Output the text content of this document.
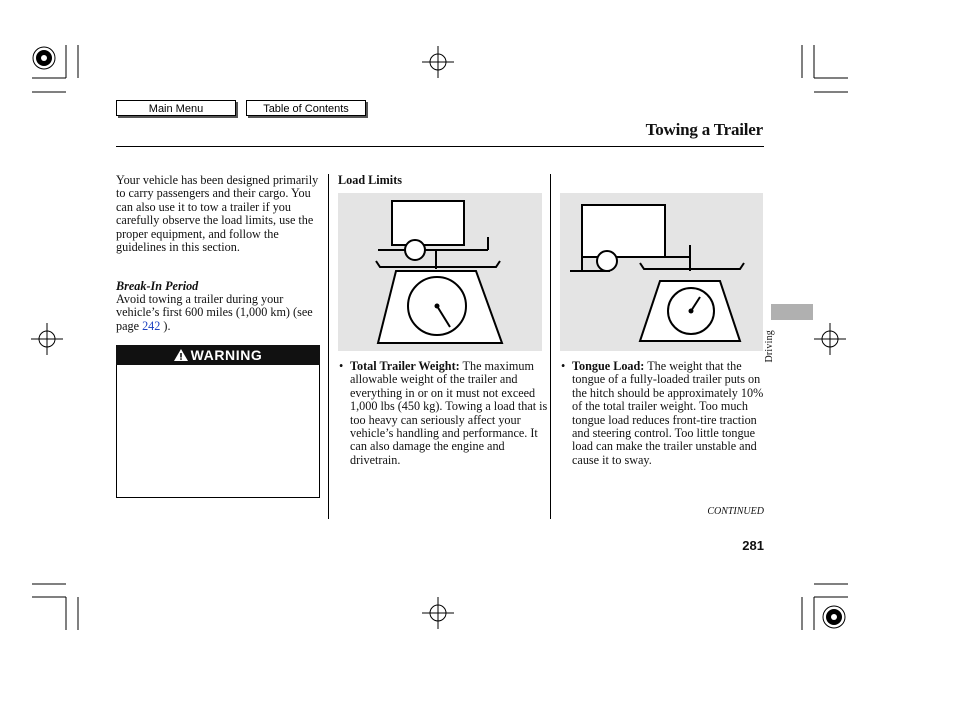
Main Menu	Table of Contents
Towing a Trailer
Your vehicle has been designed primarily to carry passengers and their cargo. You can also use it to tow a trailer if you carefully observe the load limits, use the proper equipment, and follow the guidelines in this section.
Break-In Period
Avoid towing a trailer during your vehicle’s first 600 miles (1,000 km) (see page 242 ).
WARNING
Load Limits
• Total Trailer Weight: The maximum allowable weight of the trailer and everything in or on it must not exceed 1,000 lbs (450 kg). Towing a load that is too heavy can seriously affect your vehicle’s handling and performance. It can also damage the engine and drivetrain.
• Tongue Load: The weight that the tongue of a fully-loaded trailer puts on the hitch should be approximately 10% of the total trailer weight. Too much tongue load reduces front-tire traction and steering control. Too little tongue load can make the trailer unstable and cause it to sway.
CONTINUED
281
Driving
